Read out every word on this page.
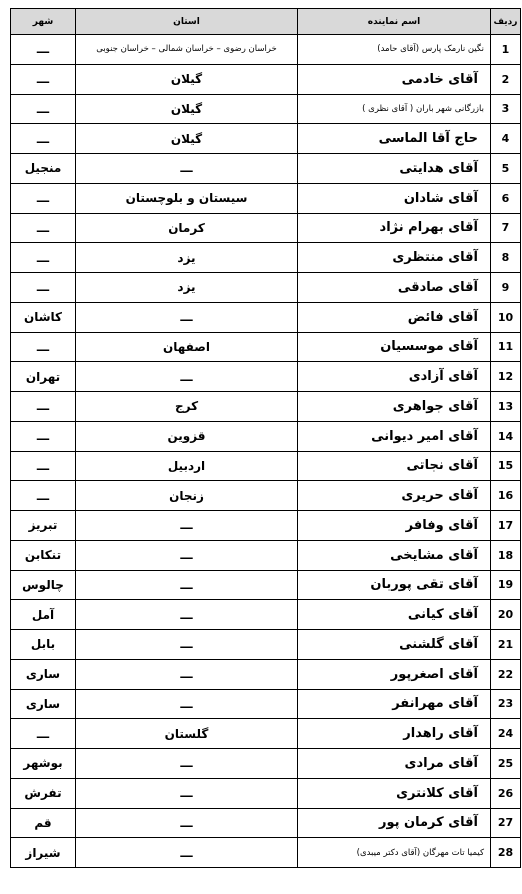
ردیف	اسم نماینده	استان	شهر
1	نگین نارمک پارس (آقای حامد)	خراسان رضوی – خراسان شمالی – خراسان جنوبی	ـــ
2	آقای خادمی	گیلان	ـــ
3	بازرگانی شهر باران ( آقای نظری )	گیلان	ـــ
4	حاج آقا الماسی	گیلان	ـــ
5	آقای هدایتی	ـــ	منجیل
6	آقای شادان	سیستان و بلوچستان	ـــ
7	آقای بهرام نژاد	کرمان	ـــ
8	آقای منتظری	یزد	ـــ
9	آقای صادقی	یزد	ـــ
10	آقای فائض	ـــ	کاشان
11	آقای موسسیان	اصفهان	ـــ
12	آقای آزادی	ـــ	تهران
13	آقای جواهری	کرج	ـــ
14	آقای امیر دیوانی	قزوین	ـــ
15	آقای نجاتی	اردبیل	ـــ
16	آقای حریری	زنجان	ـــ
17	آقای وفافر	ـــ	تبریز
18	آقای مشایخی	ـــ	تنکابن
19	آقای تقی پوربان	ـــ	چالوس
20	آقای کیانی	ـــ	آمل
21	آقای گلشنی	ـــ	بابل
22	آقای اصغرپور	ـــ	ساری
23	آقای مهرانفر	ـــ	ساری
24	آقای راهدار	گلستان	ـــ
25	آقای مرادی	ـــ	بوشهر
26	آقای کلانتری	ـــ	تفرش
27	آقای کرمان پور	ـــ	قم
28	کیمیا تات مهرگان (آقای دکتر میبدی)	ـــ	شیراز
